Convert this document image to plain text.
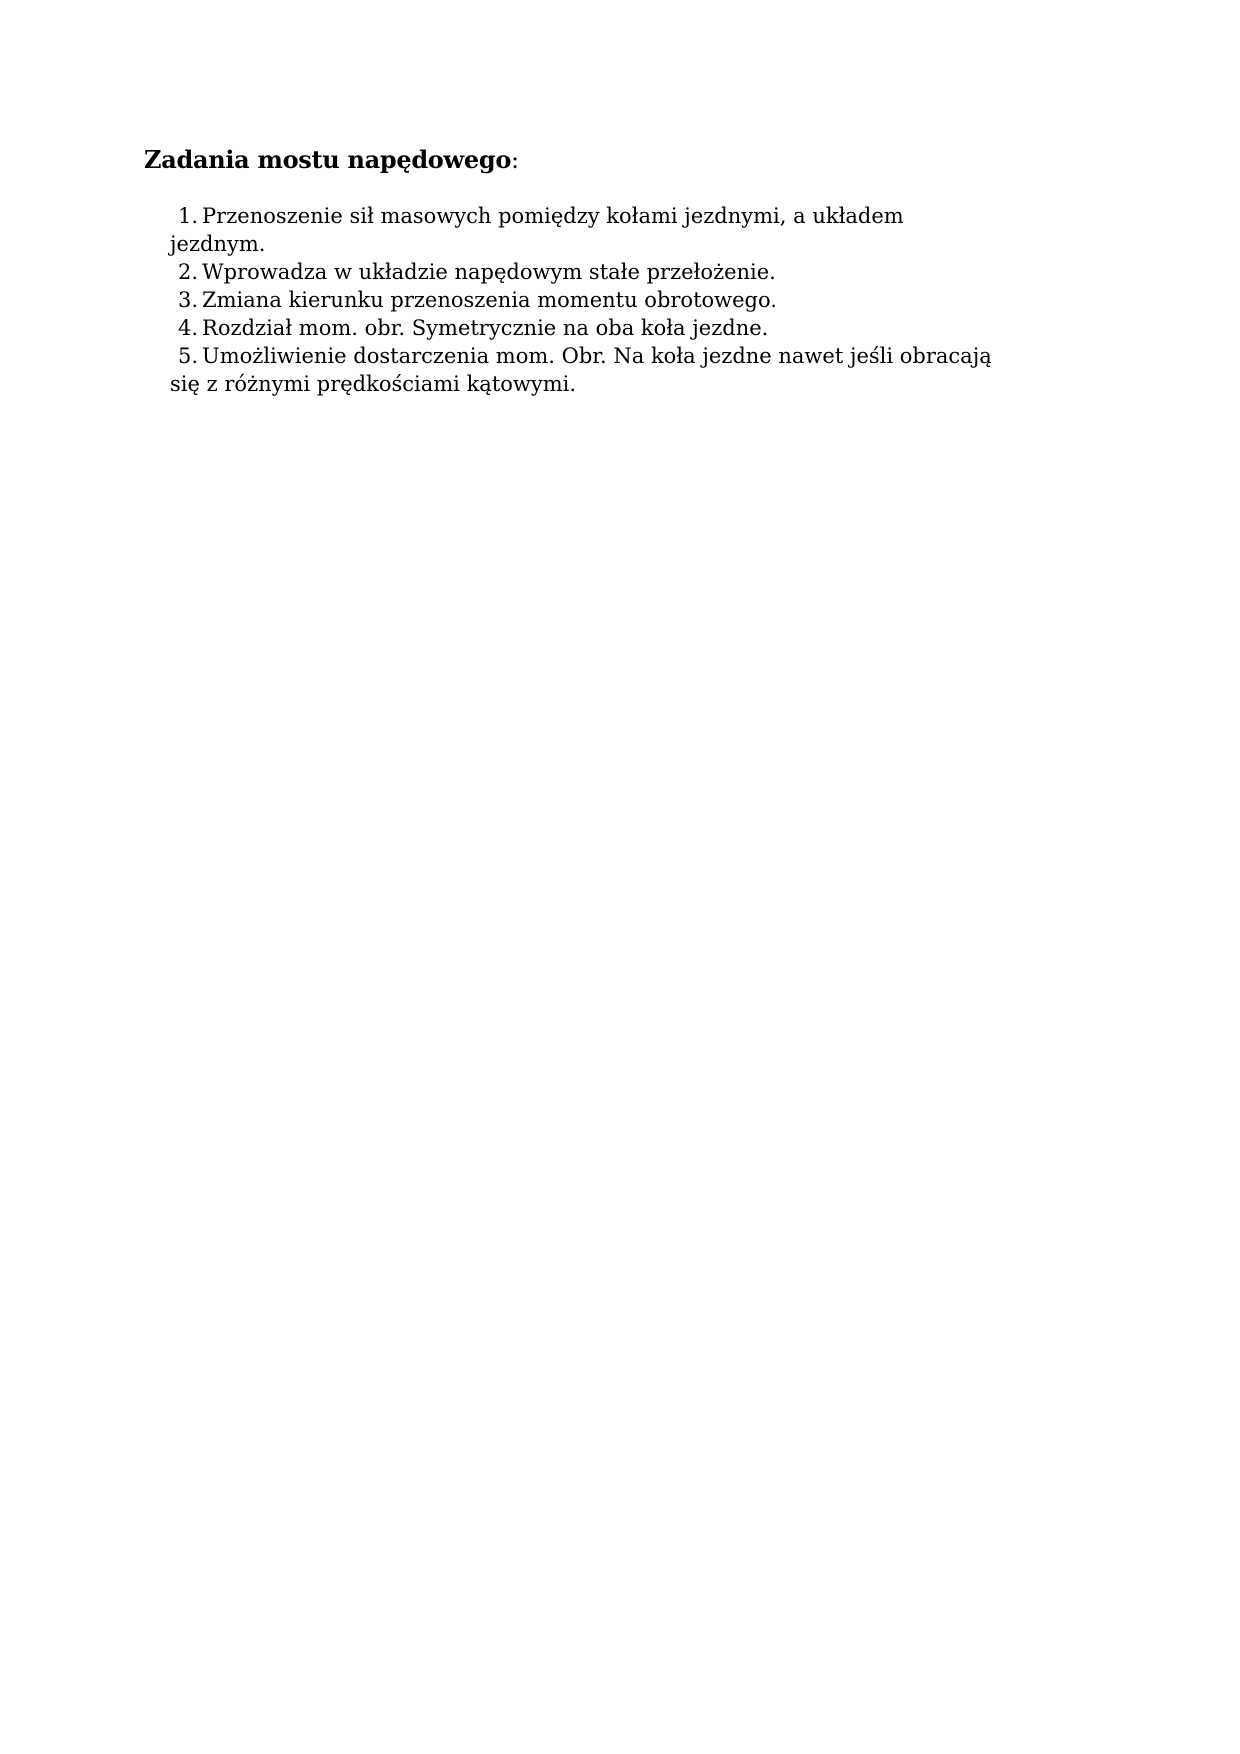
Zadania mostu napędowego:
1. Przenoszenie sił masowych pomiędzy kołami jezdnymi, a układem jezdnym.
2. Wprowadza w układzie napędowym stałe przełożenie.
3. Zmiana kierunku przenoszenia momentu obrotowego.
4. Rozdział mom. obr. Symetrycznie na oba koła jezdne.
5. Umożliwienie dostarczenia mom. Obr. Na koła jezdne nawet jeśli obracają się z różnymi prędkościami kątowymi.
